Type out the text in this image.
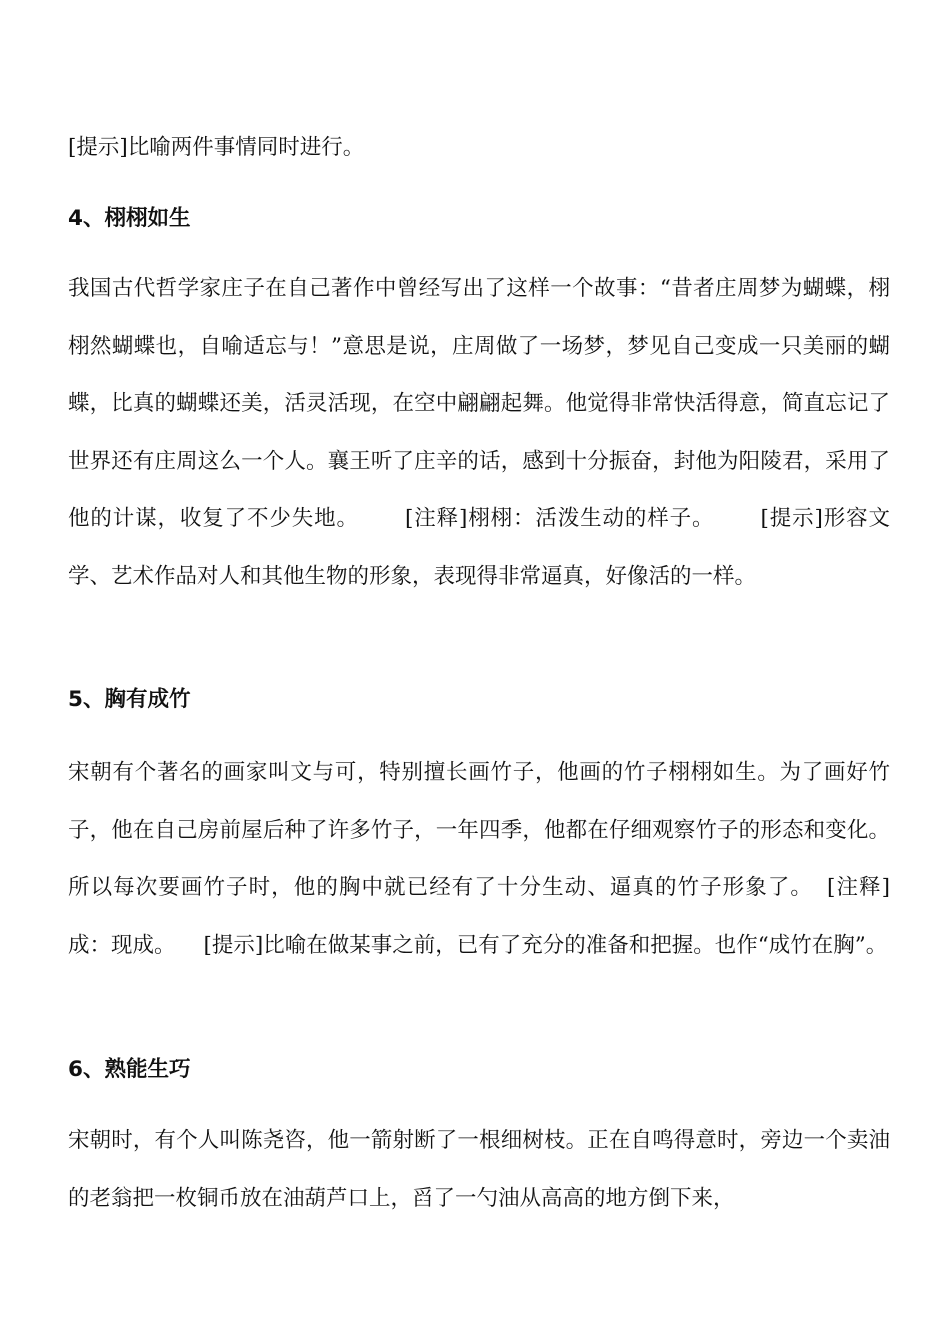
[提示]比喻两件事情同时进行。

4、栩栩如生

我国古代哲学家庄子在自己著作中曾经写出了这样一个故事：“昔者庄周梦为蝴蝶，栩栩然蝴蝶也，自喻适忘与！”意思是说，庄周做了一场梦，梦见自己变成一只美丽的蝴蝶，比真的蝴蝶还美，活灵活现，在空中翩翩起舞。他觉得非常快活得意，简直忘记了世界还有庄周这么一个人。襄王听了庄辛的话，感到十分振奋，封他为阳陵君，采用了他的计谋，收复了不少失地。 [注释]栩栩：活泼生动的样子。 [提示]形容文学、艺术作品对人和其他生物的形象，表现得非常逼真，好像活的一样。

5、胸有成竹

宋朝有个著名的画家叫文与可，特别擅长画竹子，他画的竹子栩栩如生。为了画好竹子，他在自己房前屋后种了许多竹子，一年四季，他都在仔细观察竹子的形态和变化。所以每次要画竹子时，他的胸中就已经有了十分生动、逼真的竹子形象了。 [注释]成：现成。 [提示]比喻在做某事之前，已有了充分的准备和把握。也作“成竹在胸”。

6、熟能生巧

宋朝时，有个人叫陈尧咨，他一箭射断了一根细树枝。正在自鸣得意时，旁边一个卖油的老翁把一枚铜币放在油葫芦口上，舀了一勺油从高高的地方倒下来，
